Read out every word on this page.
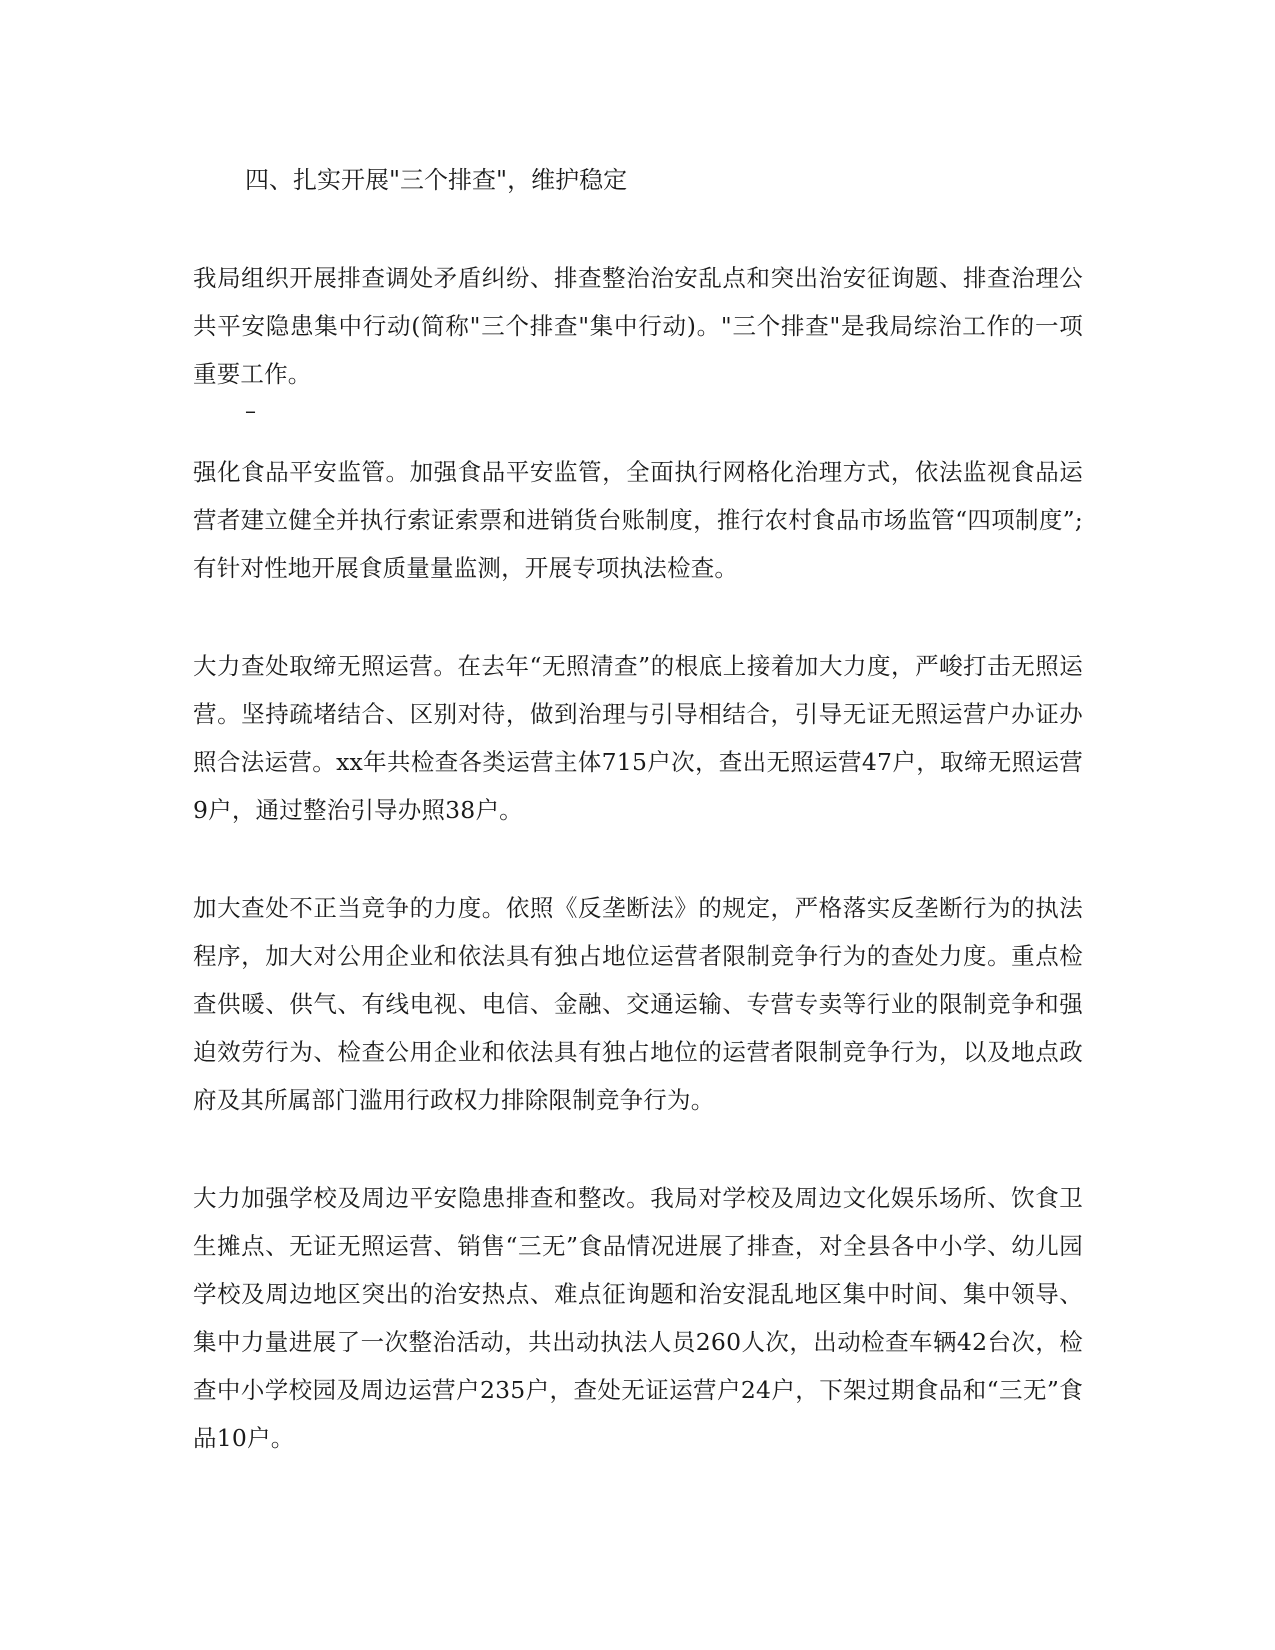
四、扎实开展"三个排查"，维护稳定

我局组织开展排查调处矛盾纠纷、排查整治治安乱点和突出治安征询题、排查治理公共平安隐患集中行动(简称"三个排查"集中行动)。"三个排查"是我局综治工作的一项重要工作。

–

强化食品平安监管。加强食品平安监管，全面执行网格化治理方式，依法监视食品运营者建立健全并执行索证索票和进销货台账制度，推行农村食品市场监管“四项制度”;有针对性地开展食质量量监测，开展专项执法检查。

大力查处取缔无照运营。在去年“无照清查”的根底上接着加大力度，严峻打击无照运营。坚持疏堵结合、区别对待，做到治理与引导相结合，引导无证无照运营户办证办照合法运营。xx年共检查各类运营主体715户次，查出无照运营47户，取缔无照运营9户，通过整治引导办照38户。

加大查处不正当竞争的力度。依照《反垄断法》的规定，严格落实反垄断行为的执法程序，加大对公用企业和依法具有独占地位运营者限制竞争行为的查处力度。重点检查供暖、供气、有线电视、电信、金融、交通运输、专营专卖等行业的限制竞争和强迫效劳行为、检查公用企业和依法具有独占地位的运营者限制竞争行为，以及地点政府及其所属部门滥用行政权力排除限制竞争行为。

大力加强学校及周边平安隐患排查和整改。我局对学校及周边文化娱乐场所、饮食卫生摊点、无证无照运营、销售“三无”食品情况进展了排查，对全县各中小学、幼儿园学校及周边地区突出的治安热点、难点征询题和治安混乱地区集中时间、集中领导、集中力量进展了一次整治活动，共出动执法人员260人次，出动检查车辆42台次，检查中小学校园及周边运营户235户，查处无证运营户24户，下架过期食品和“三无”食品10户。
